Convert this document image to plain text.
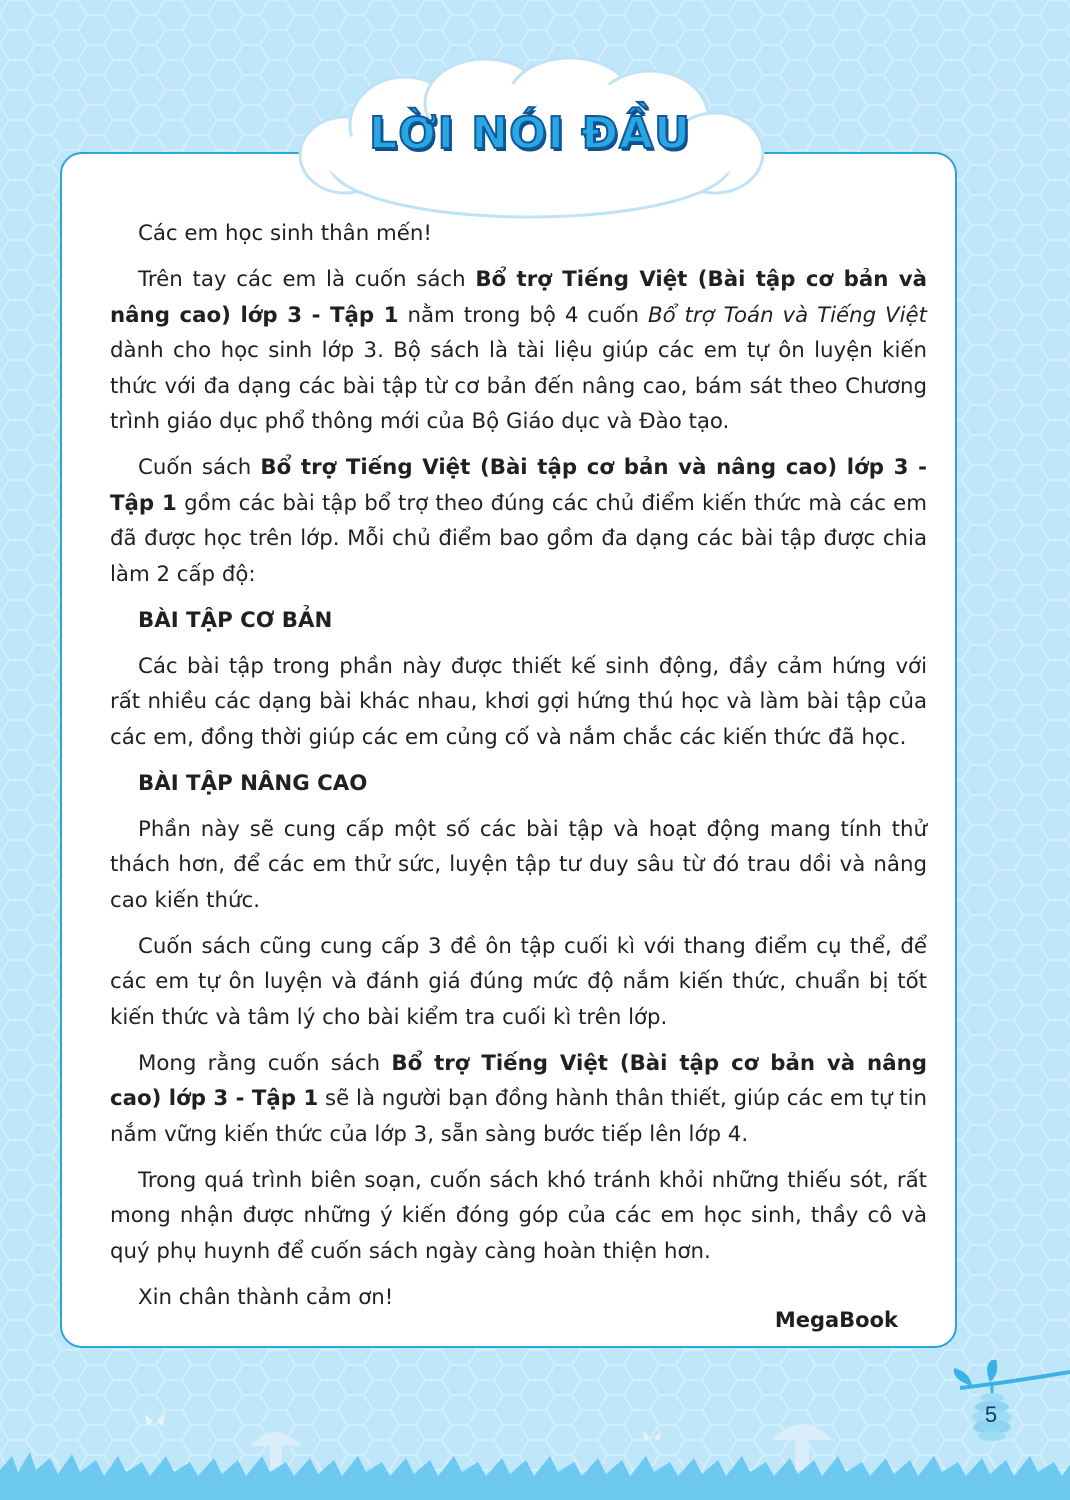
LỜI NÓI ĐẦU

Các em học sinh thân mến!

Trên tay các em là cuốn sách Bổ trợ Tiếng Việt (Bài tập cơ bản và nâng cao) lớp 3 - Tập 1 nằm trong bộ 4 cuốn Bổ trợ Toán và Tiếng Việt dành cho học sinh lớp 3. Bộ sách là tài liệu giúp các em tự ôn luyện kiến thức với đa dạng các bài tập từ cơ bản đến nâng cao, bám sát theo Chương trình giáo dục phổ thông mới của Bộ Giáo dục và Đào tạo.

Cuốn sách Bổ trợ Tiếng Việt (Bài tập cơ bản và nâng cao) lớp 3 - Tập 1 gồm các bài tập bổ trợ theo đúng các chủ điểm kiến thức mà các em đã được học trên lớp. Mỗi chủ điểm bao gồm đa dạng các bài tập được chia làm 2 cấp độ:

BÀI TẬP CƠ BẢN

Các bài tập trong phần này được thiết kế sinh động, đầy cảm hứng với rất nhiều các dạng bài khác nhau, khơi gợi hứng thú học và làm bài tập của các em, đồng thời giúp các em củng cố và nắm chắc các kiến thức đã học.

BÀI TẬP NÂNG CAO

Phần này sẽ cung cấp một số các bài tập và hoạt động mang tính thử thách hơn, để các em thử sức, luyện tập tư duy sâu từ đó trau dồi và nâng cao kiến thức.

Cuốn sách cũng cung cấp 3 đề ôn tập cuối kì với thang điểm cụ thể, để các em tự ôn luyện và đánh giá đúng mức độ nắm kiến thức, chuẩn bị tốt kiến thức và tâm lý cho bài kiểm tra cuối kì trên lớp.

Mong rằng cuốn sách Bổ trợ Tiếng Việt (Bài tập cơ bản và nâng cao) lớp 3 - Tập 1 sẽ là người bạn đồng hành thân thiết, giúp các em tự tin nắm vững kiến thức của lớp 3, sẵn sàng bước tiếp lên lớp 4.

Trong quá trình biên soạn, cuốn sách khó tránh khỏi những thiếu sót, rất mong nhận được những ý kiến đóng góp của các em học sinh, thầy cô và quý phụ huynh để cuốn sách ngày càng hoàn thiện hơn.

Xin chân thành cảm ơn!

MegaBook
5
